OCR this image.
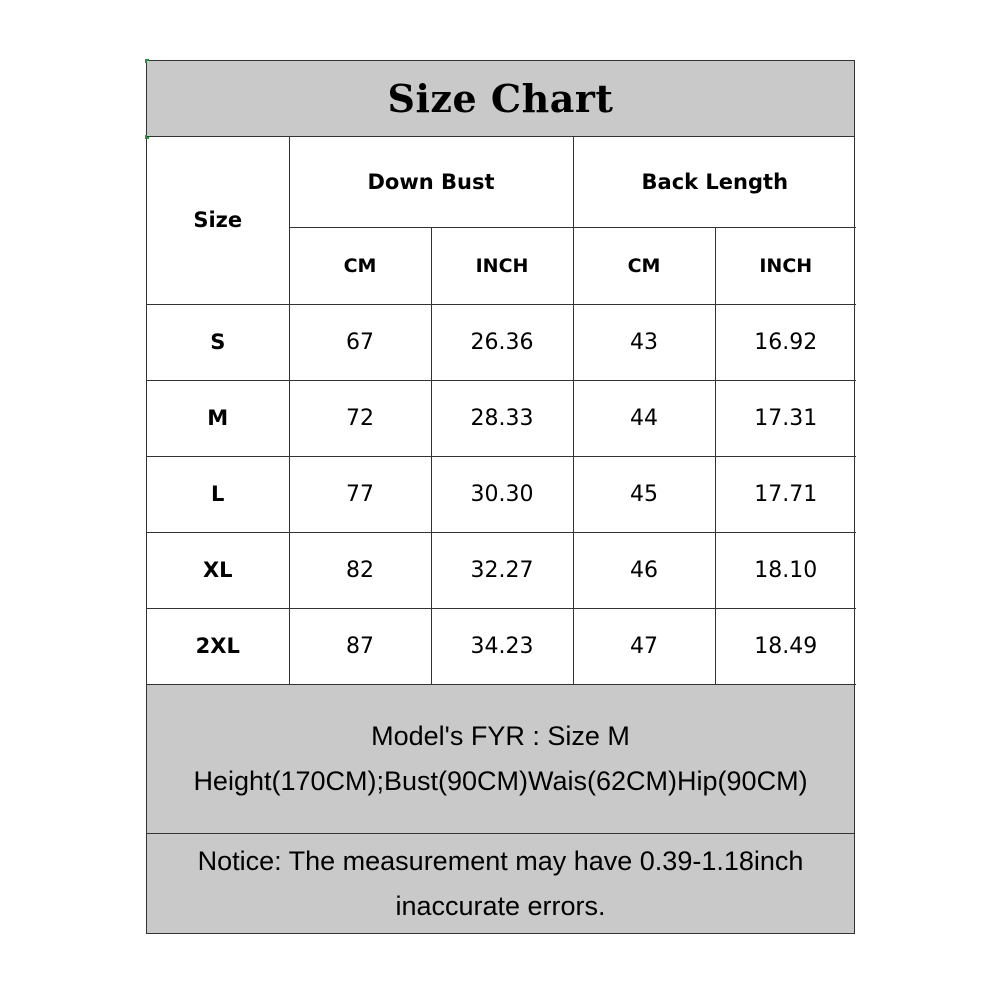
Size Chart
Size	Down Bust		Back Length	
	CM	INCH	CM	INCH
S	67	26.36	43	16.92
M	72	28.33	44	17.31
L	77	30.30	45	17.71
XL	82	32.27	46	18.10
2XL	87	34.23	47	18.49
Model's FYR : Size M
Height(170CM);Bust(90CM)Wais(62CM)Hip(90CM)
Notice: The measurement may have 0.39-1.18inch
inaccurate errors.
